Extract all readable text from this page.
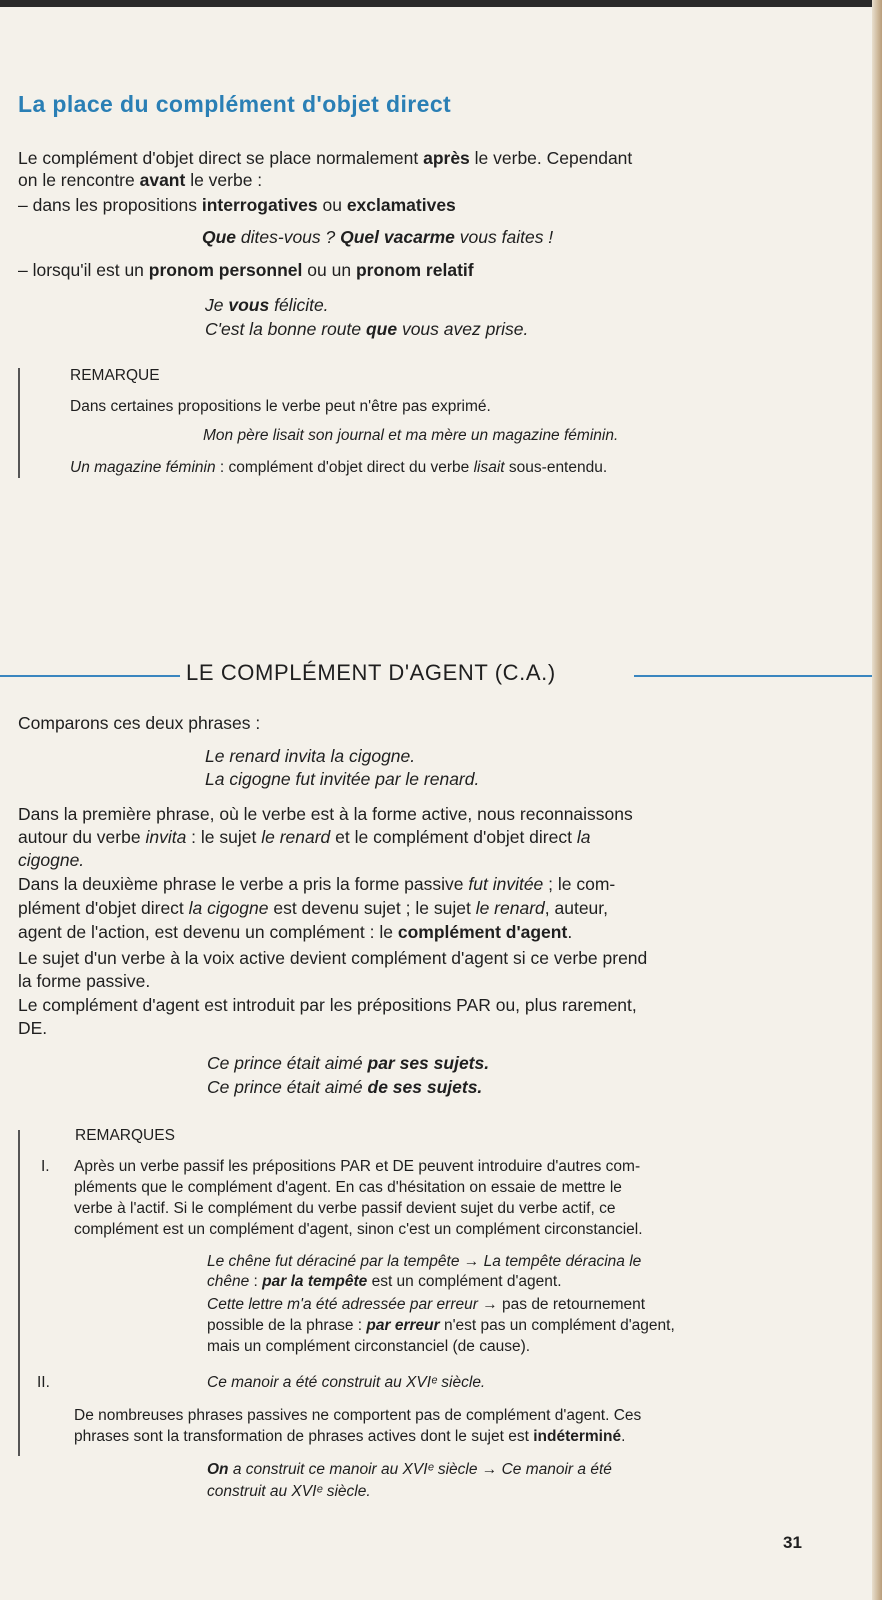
La place du complément d'objet direct
Le complément d'objet direct se place normalement après le verbe. Cependant
on le rencontre avant le verbe :
– dans les propositions interrogatives ou exclamatives
Que dites-vous ? Quel vacarme vous faites !
– lorsqu'il est un pronom personnel ou un pronom relatif
Je vous félicite.
C'est la bonne route que vous avez prise.
REMARQUE
Dans certaines propositions le verbe peut n'être pas exprimé.
Mon père lisait son journal et ma mère un magazine féminin.
Un magazine féminin : complément d'objet direct du verbe lisait sous-entendu.
LE COMPLÉMENT D'AGENT (C.A.)
Comparons ces deux phrases :
Le renard invita la cigogne.
La cigogne fut invitée par le renard.
Dans la première phrase, où le verbe est à la forme active, nous reconnaissons
autour du verbe invita : le sujet le renard et le complément d'objet direct la
cigogne.
Dans la deuxième phrase le verbe a pris la forme passive fut invitée ; le com-
plément d'objet direct la cigogne est devenu sujet ; le sujet le renard, auteur,
agent de l'action, est devenu un complément : le complément d'agent.
Le sujet d'un verbe à la voix active devient complément d'agent si ce verbe prend
la forme passive.
Le complément d'agent est introduit par les prépositions PAR ou, plus rarement,
DE.
Ce prince était aimé par ses sujets.
Ce prince était aimé de ses sujets.
REMARQUES
I. Après un verbe passif les prépositions PAR et DE peuvent introduire d'autres com-
pléments que le complément d'agent. En cas d'hésitation on essaie de mettre le
verbe à l'actif. Si le complément du verbe passif devient sujet du verbe actif, ce
complément est un complément d'agent, sinon c'est un complément circonstanciel.
Le chêne fut déraciné par la tempête → La tempête déracina le
chêne : par la tempête est un complément d'agent.
Cette lettre m'a été adressée par erreur → pas de retournement
possible de la phrase : par erreur n'est pas un complément d'agent,
mais un complément circonstanciel (de cause).
II.	Ce manoir a été construit au XVIᵉ siècle.
De nombreuses phrases passives ne comportent pas de complément d'agent. Ces
phrases sont la transformation de phrases actives dont le sujet est indéterminé.
On a construit ce manoir au XVIᵉ siècle → Ce manoir a été
construit au XVIᵉ siècle.
31
